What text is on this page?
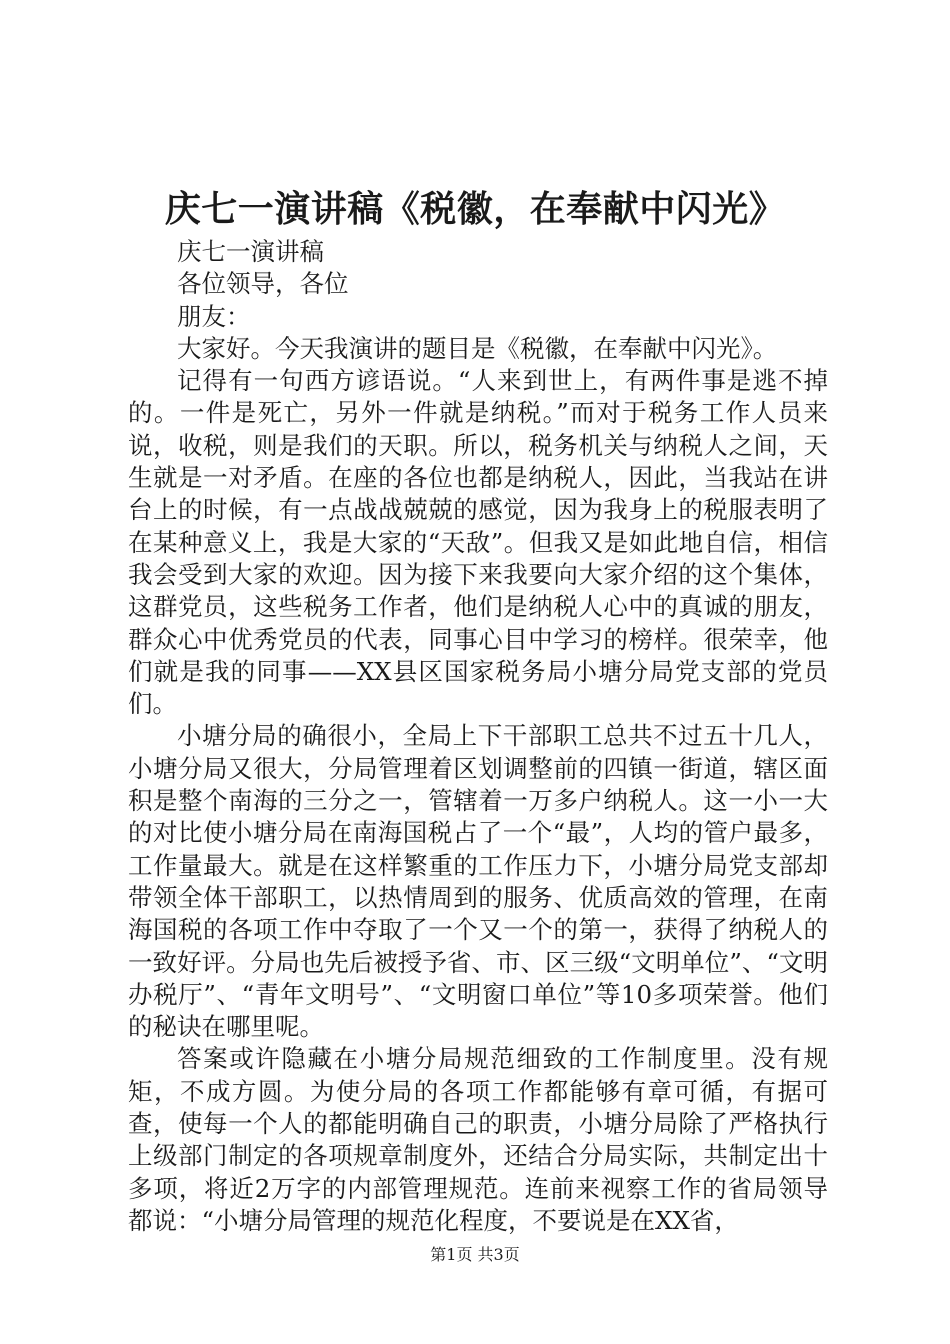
庆七一演讲稿《税徽，在奉献中闪光》

庆七一演讲稿

各位领导，各位

朋友：

大家好。今天我演讲的题目是《税徽，在奉献中闪光》。

记得有一句西方谚语说。“人来到世上，有两件事是逃不掉的。一件是死亡，另外一件就是纳税。”而对于税务工作人员来说，收税，则是我们的天职。所以，税务机关与纳税人之间，天生就是一对矛盾。在座的各位也都是纳税人，因此，当我站在讲台上的时候，有一点战战兢兢的感觉，因为我身上的税服表明了在某种意义上，我是大家的“天敌”。但我又是如此地自信，相信我会受到大家的欢迎。因为接下来我要向大家介绍的这个集体，这群党员，这些税务工作者，他们是纳税人心中的真诚的朋友，群众心中优秀党员的代表，同事心目中学习的榜样。很荣幸，他们就是我的同事——XX县区国家税务局小塘分局党支部的党员们。

小塘分局的确很小，全局上下干部职工总共不过五十几人，小塘分局又很大，分局管理着区划调整前的四镇一街道，辖区面积是整个南海的三分之一，管辖着一万多户纳税人。这一小一大的对比使小塘分局在南海国税占了一个“最”，人均的管户最多，工作量最大。就是在这样繁重的工作压力下，小塘分局党支部却带领全体干部职工，以热情周到的服务、优质高效的管理，在南海国税的各项工作中夺取了一个又一个的第一，获得了纳税人的一致好评。分局也先后被授予省、市、区三级“文明单位”、“文明办税厅”、“青年文明号”、“文明窗口单位”等10多项荣誉。他们的秘诀在哪里呢。

答案或许隐藏在小塘分局规范细致的工作制度里。没有规矩，不成方圆。为使分局的各项工作都能够有章可循，有据可查，使每一个人的都能明确自己的职责，小塘分局除了严格执行上级部门制定的各项规章制度外，还结合分局实际，共制定出十多项，将近2万字的内部管理规范。连前来视察工作的省局领导都说：“小塘分局管理的规范化程度，不要说是在XX省，

第1页 共3页
